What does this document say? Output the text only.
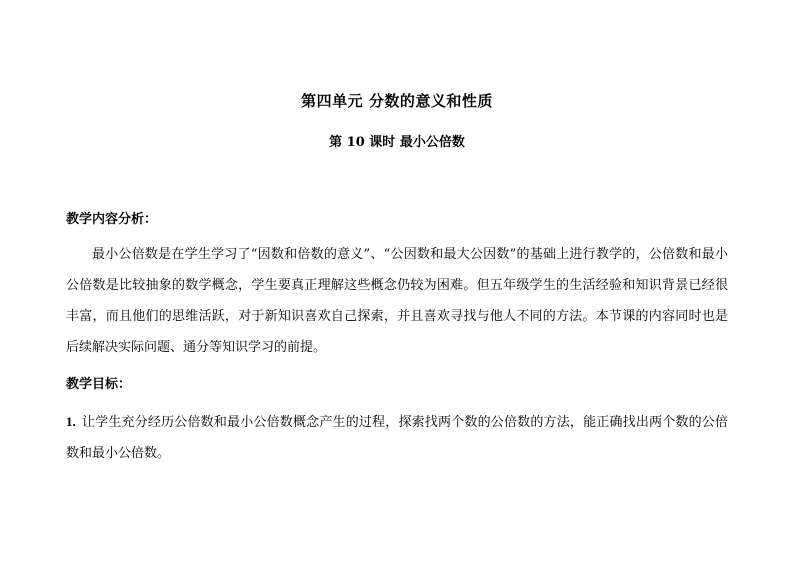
第四单元 分数的意义和性质
第 10 课时 最小公倍数
教学内容分析：
最小公倍数是在学生学习了“因数和倍数的意义”、“公因数和最大公因数”的基础上进行教学的，公倍数和最小公倍数是比较抽象的数学概念，学生要真正理解这些概念仍较为困难。但五年级学生的生活经验和知识背景已经很丰富，而且他们的思维活跃，对于新知识喜欢自己探索，并且喜欢寻找与他人不同的方法。本节课的内容同时也是后续解决实际问题、通分等知识学习的前提。
教学目标：
1. 让学生充分经历公倍数和最小公倍数概念产生的过程，探索找两个数的公倍数的方法，能正确找出两个数的公倍数和最小公倍数。
